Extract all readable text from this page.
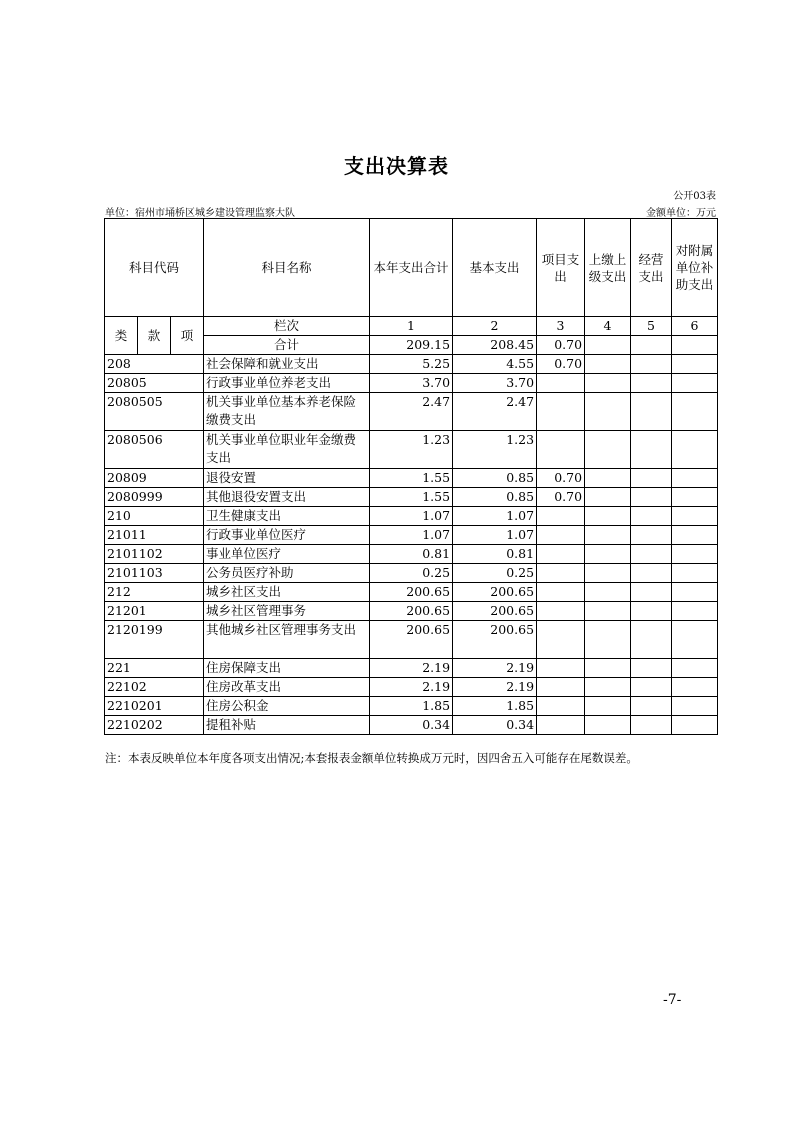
支出决算表
公开03表
单位：宿州市埇桥区城乡建设管理监察大队	金额单位：万元
科目代码			科目名称	本年支出合计	基本支出	项目支出	上缴上级支出	经营支出	对附属单位补助支出
类	款	项	栏次	1	2	3	4	5	6
			合计	209.15	208.45	0.70			
208			社会保障和就业支出	5.25	4.55	0.70			
20805			行政事业单位养老支出	3.70	3.70				
2080505			机关事业单位基本养老保险缴费支出	2.47	2.47				
2080506			机关事业单位职业年金缴费支出	1.23	1.23				
20809			退役安置	1.55	0.85	0.70			
2080999			其他退役安置支出	1.55	0.85	0.70			
210			卫生健康支出	1.07	1.07				
21011			行政事业单位医疗	1.07	1.07				
2101102			事业单位医疗	0.81	0.81				
2101103			公务员医疗补助	0.25	0.25				
212			城乡社区支出	200.65	200.65				
21201			城乡社区管理事务	200.65	200.65				
2120199			其他城乡社区管理事务支出	200.65	200.65				
221			住房保障支出	2.19	2.19				
22102			住房改革支出	2.19	2.19				
2210201			住房公积金	1.85	1.85				
2210202			提租补贴	0.34	0.34				
注：本表反映单位本年度各项支出情况;本套报表金额单位转换成万元时，因四舍五入可能存在尾数误差。
-7-
